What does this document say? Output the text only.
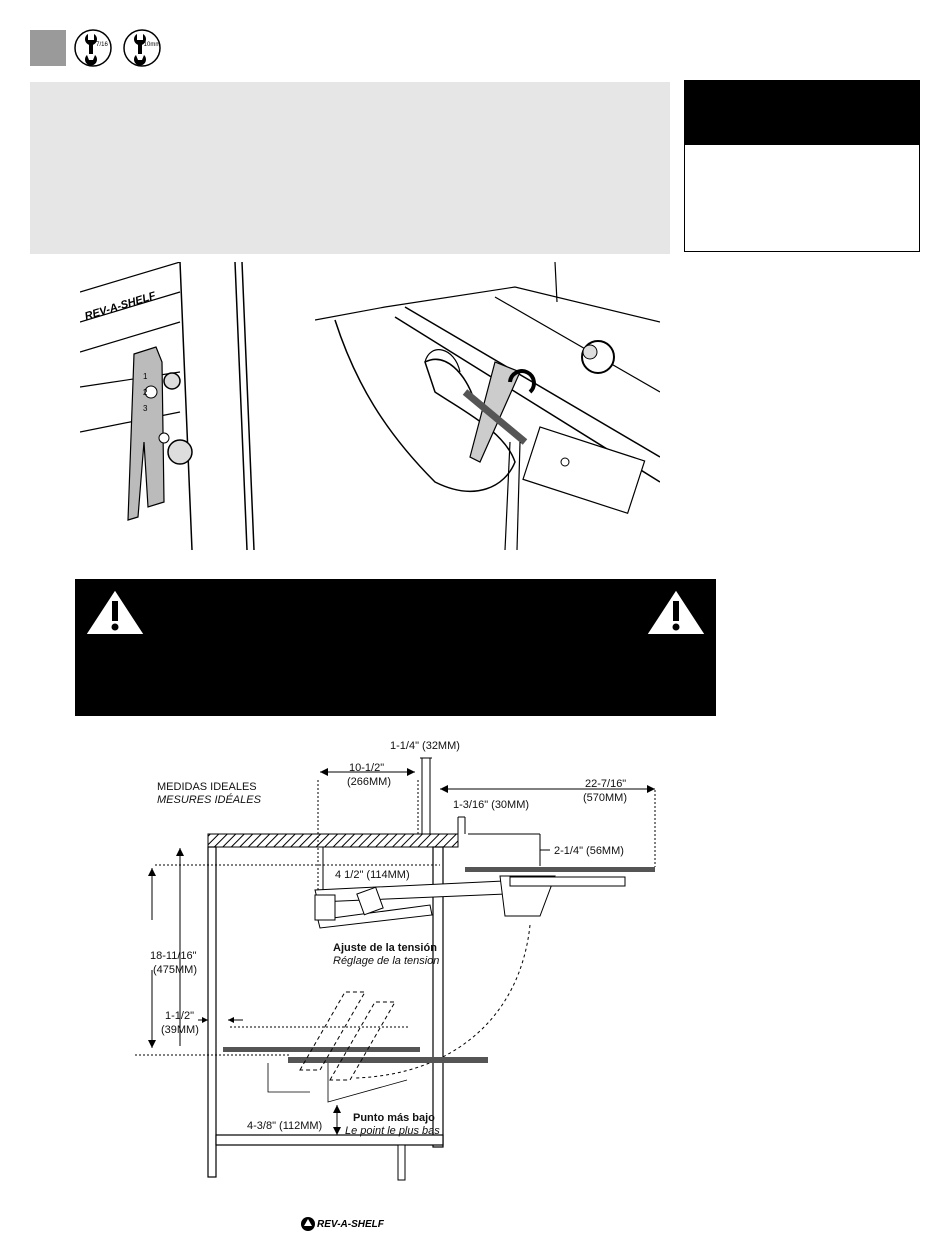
7/16	10mm
REV-A-SHELF
1
2
3
1-1/4" (32MM)
10-1/2"
(266MM)
MEDIDAS IDEALES
MESURES IDÉALES
22-7/16"
(570MM)
1-3/16" (30MM)
2-1/4" (56MM)
4 1/2" (114MM)
Ajuste de la tensión
Réglage de la tension
18-11/16"
(475MM)
1-1/2"
(39MM)
Punto más bajo
Le point le plus bas
4-3/8" (112MM)
REV-A-SHELF
